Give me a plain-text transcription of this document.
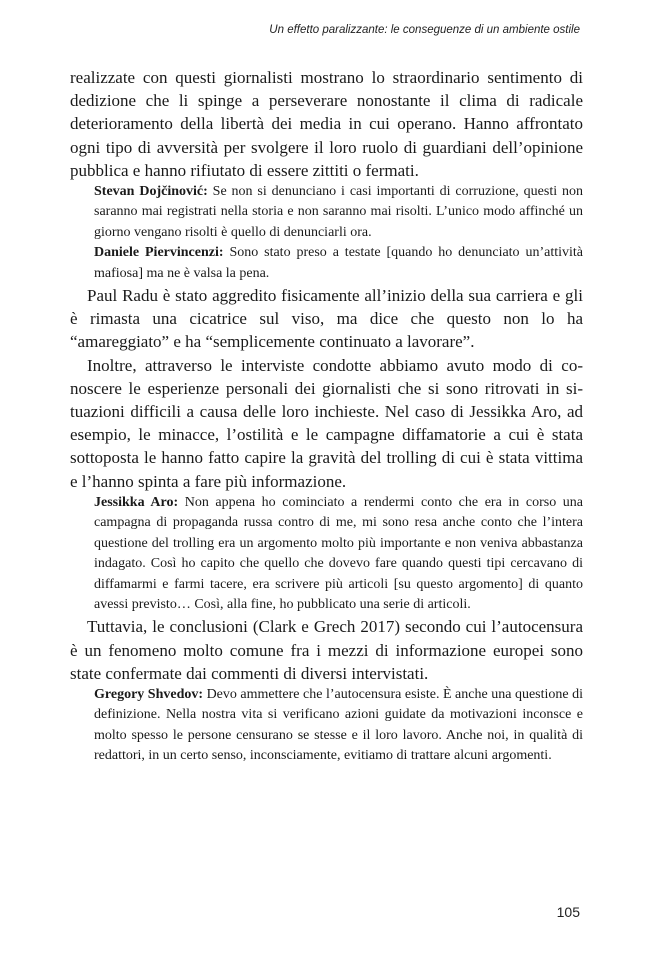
Un effetto paralizzante: le conseguenze di un ambiente ostile

realizzate con questi giornalisti mostrano lo straordinario sentimento di dedizione che li spinge a perseverare nonostante il clima di radicale deterioramento della libertà dei media in cui operano. Hanno affrontato ogni tipo di avversità per svolgere il loro ruolo di guardiani dell’opinione pubblica e hanno rifiutato di essere zittiti o fermati.

Stevan Dojčinović: Se non si denunciano i casi importanti di corruzione, questi non saranno mai registrati nella storia e non saranno mai risolti. L’unico modo affinché un giorno vengano risolti è quello di denunciarli ora.

Daniele Piervincenzi: Sono stato preso a testate [quando ho denunciato un’attività mafiosa] ma ne è valsa la pena.

Paul Radu è stato aggredito fisicamente all’inizio della sua carriera e gli è rimasta una cicatrice sul viso, ma dice che questo non lo ha “amareggiato” e ha “semplicemente continuato a lavorare”.

Inoltre, attraverso le interviste condotte abbiamo avuto modo di conoscere le esperienze personali dei giornalisti che si sono ritrovati in situazioni difficili a causa delle loro inchieste. Nel caso di Jessikka Aro, ad esempio, le minacce, l’ostilità e le campagne diffamatorie a cui è stata sottoposta le hanno fatto capire la gravità del trolling di cui è stata vittima e l’hanno spinta a fare più informazione.

Jessikka Aro: Non appena ho cominciato a rendermi conto che era in corso una campagna di propaganda russa contro di me, mi sono resa anche conto che l’intera questione del trolling era un argomento molto più importante e non veniva abbastanza indagato. Così ho capito che quello che dovevo fare quando questi tipi cercavano di diffamarmi e farmi tacere, era scrivere più articoli [su questo argomento] di quanto avessi previsto… Così, alla fine, ho pubblicato una serie di articoli.

Tuttavia, le conclusioni (Clark e Grech 2017) secondo cui l’autocensura è un fenomeno molto comune fra i mezzi di informazione europei sono state confermate dai commenti di diversi intervistati.

Gregory Shvedov: Devo ammettere che l’autocensura esiste. È anche una questione di definizione. Nella nostra vita si verificano azioni guidate da motivazioni inconsce e molto spesso le persone censurano se stesse e il loro lavoro. Anche noi, in qualità di redattori, in un certo senso, inconsciamente, evitiamo di trattare alcuni argomenti.

105
